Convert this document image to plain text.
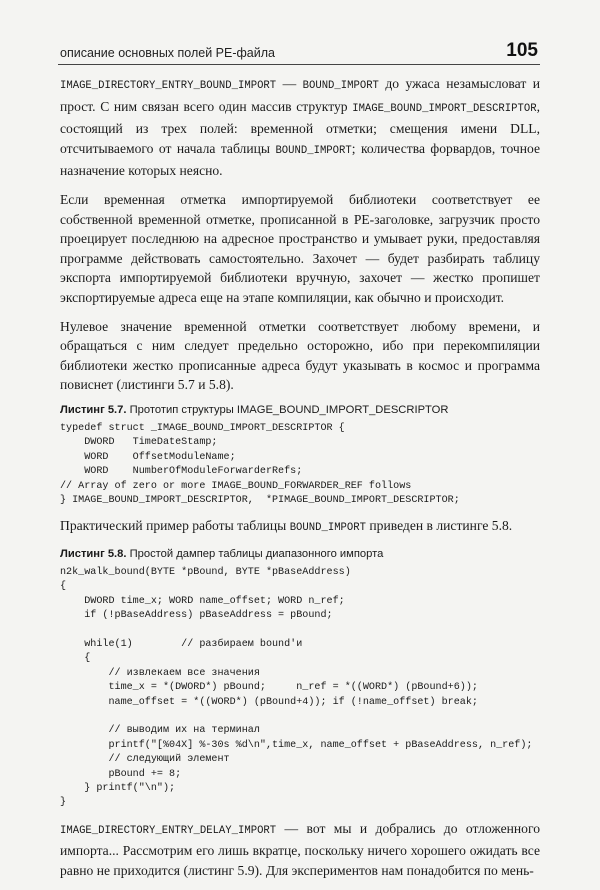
описание основных полей PE-файла	105

IMAGE_DIRECTORY_ENTRY_BOUND_IMPORT — BOUND_IMPORT до ужаса незамысловат и прост. С ним связан всего один массив структур IMAGE_BOUND_IMPORT_DESCRIPTOR, состоящий из трех полей: временной отметки; смещения имени DLL, отсчитываемого от начала таблицы BOUND_IMPORT; количества форвардов, точное назначение которых неясно.

Если временная отметка импортируемой библиотеки соответствует ее собственной временной отметке, прописанной в PE-заголовке, загрузчик просто проецирует последнюю на адресное пространство и умывает руки, предоставляя программе действовать самостоятельно. Захочет — будет разбирать таблицу экспорта импортируемой библиотеки вручную, захочет — жестко пропишет экспортируемые адреса еще на этапе компиляции, как обычно и происходит.

Нулевое значение временной отметки соответствует любому времени, и обращаться с ним следует предельно осторожно, ибо при перекомпиляции библиотеки жестко прописанные адреса будут указывать в космос и программа повиснет (листинги 5.7 и 5.8).

Листинг 5.7. Прототип структуры IMAGE_BOUND_IMPORT_DESCRIPTOR
typedef struct _IMAGE_BOUND_IMPORT_DESCRIPTOR {
DWORD   TimeDateStamp;
WORD    OffsetModuleName;
WORD    NumberOfModuleForwarderRefs;
// Array of zero or more IMAGE_BOUND_FORWARDER_REF follows
} IMAGE_BOUND_IMPORT_DESCRIPTOR,  *PIMAGE_BOUND_IMPORT_DESCRIPTOR;

Практический пример работы таблицы BOUND_IMPORT приведен в листинге 5.8.

Листинг 5.8. Простой дампер таблицы диапазонного импорта
n2k_walk_bound(BYTE *pBound, BYTE *pBaseAddress)
{
DWORD time_x; WORD name_offset; WORD n_ref;
if (!pBaseAddress) pBaseAddress = pBound;

while(1)        // разбираем bound'и
{
// извлекаем все значения
time_x = *(DWORD*) pBound;     n_ref = *((WORD*) (pBound+6));
name_offset = *((WORD*) (pBound+4)); if (!name_offset) break;

// выводим их на терминал
printf("[%04X] %-30s %d\n",time_x, name_offset + pBaseAddress, n_ref);
// следующий элемент
pBound += 8;
} printf("\n");
}

IMAGE_DIRECTORY_ENTRY_DELAY_IMPORT — вот мы и добрались до отложенного импорта... Рассмотрим его лишь вкратце, поскольку ничего хорошего ожидать все равно не приходится (листинг 5.9). Для экспериментов нам понадобится по мень-
